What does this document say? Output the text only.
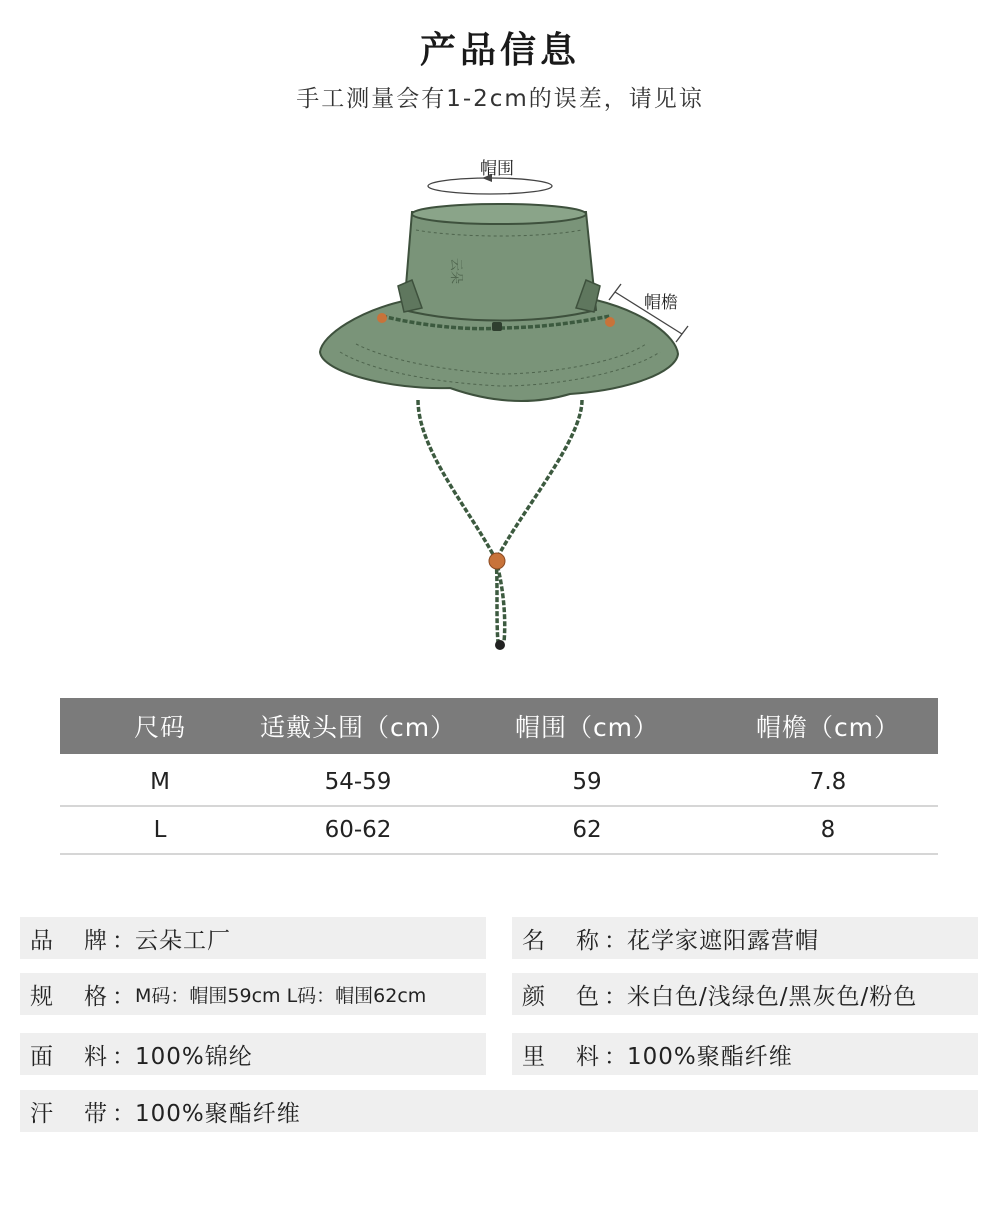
产品信息
手工测量会有1-2cm的误差，请见谅
云朵
帽围
帽檐
尺码	适戴头围（cm）	帽围（cm）	帽檐（cm）

M	54-59	59	7.8
L	60-62	62	8
品	牌 ： 云朵工厂	名	称 ： 花学家遮阳露营帽
规	格 ： M码：帽围59cm L码：帽围62cm	颜	色 ： 米白色/浅绿色/黑灰色/粉色
面	料 ： 100%锦纶	里	料 ： 100%聚酯纤维
汗	带 ： 100%聚酯纤维
